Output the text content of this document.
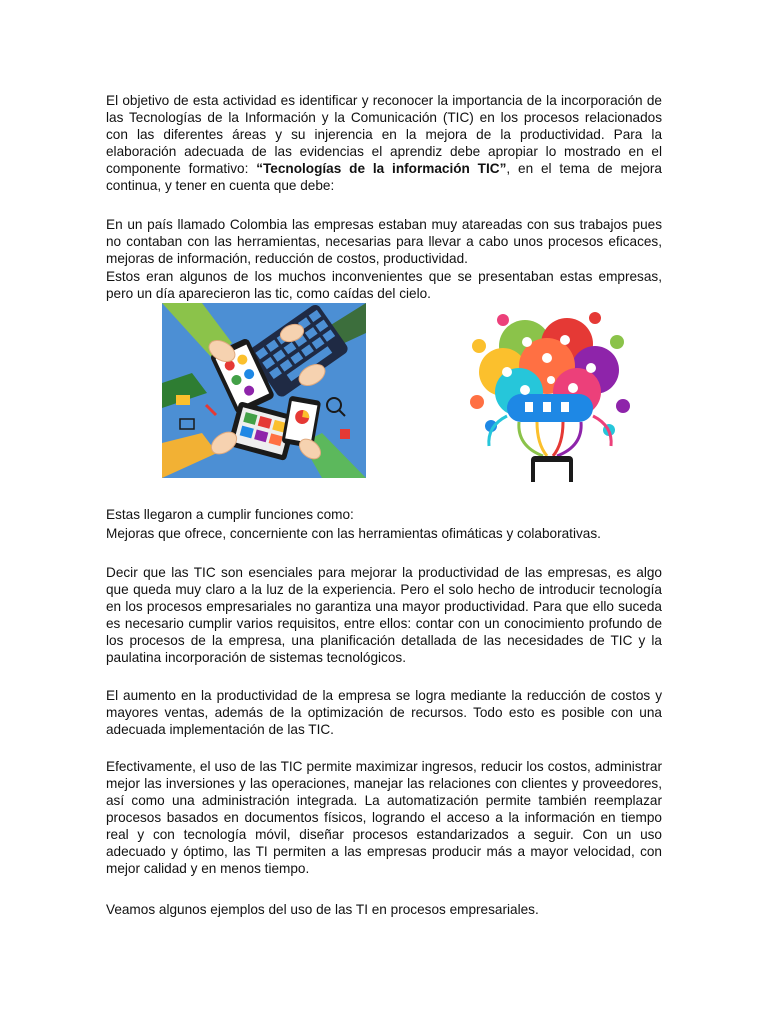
El objetivo de esta actividad es identificar y reconocer la importancia de la incorporación de las Tecnologías de la Información y la Comunicación (TIC) en los procesos relacionados con las diferentes áreas y su injerencia en la mejora de la productividad. Para la elaboración adecuada de las evidencias el aprendiz debe apropiar lo mostrado en el componente formativo: “Tecnologías de la información TIC”, en el tema de mejora continua, y tener en cuenta que debe:

En un país llamado Colombia las empresas estaban muy atareadas con sus trabajos pues no contaban con las herramientas, necesarias para llevar a cabo unos procesos eficaces, mejoras de información, reducción de costos, productividad.

Estos eran algunos de los muchos inconvenientes que se presentaban estas empresas, pero un día aparecieron las tic, como caídas del cielo.

Estas llegaron a cumplir funciones como:

Mejoras que ofrece, concerniente con las herramientas ofimáticas y colaborativas.

Decir que las TIC son esenciales para mejorar la productividad de las empresas, es algo que queda muy claro a la luz de la experiencia. Pero el solo hecho de introducir tecnología en los procesos empresariales no garantiza una mayor productividad. Para que ello suceda es necesario cumplir varios requisitos, entre ellos: contar con un conocimiento profundo de los procesos de la empresa, una planificación detallada de las necesidades de TIC y la paulatina incorporación de sistemas tecnológicos.

El aumento en la productividad de la empresa se logra mediante la reducción de costos y mayores ventas, además de la optimización de recursos. Todo esto es posible con una adecuada implementación de las TIC.

Efectivamente, el uso de las TIC permite maximizar ingresos, reducir los costos, administrar mejor las inversiones y las operaciones, manejar las relaciones con clientes y proveedores, así como una administración integrada. La automatización permite también reemplazar procesos basados en documentos físicos, logrando el acceso a la información en tiempo real y con tecnología móvil, diseñar procesos estandarizados a seguir. Con un uso adecuado y óptimo, las TI permiten a las empresas producir más a mayor velocidad, con mejor calidad y en menos tiempo.

Veamos algunos ejemplos del uso de las TI en procesos empresariales.
